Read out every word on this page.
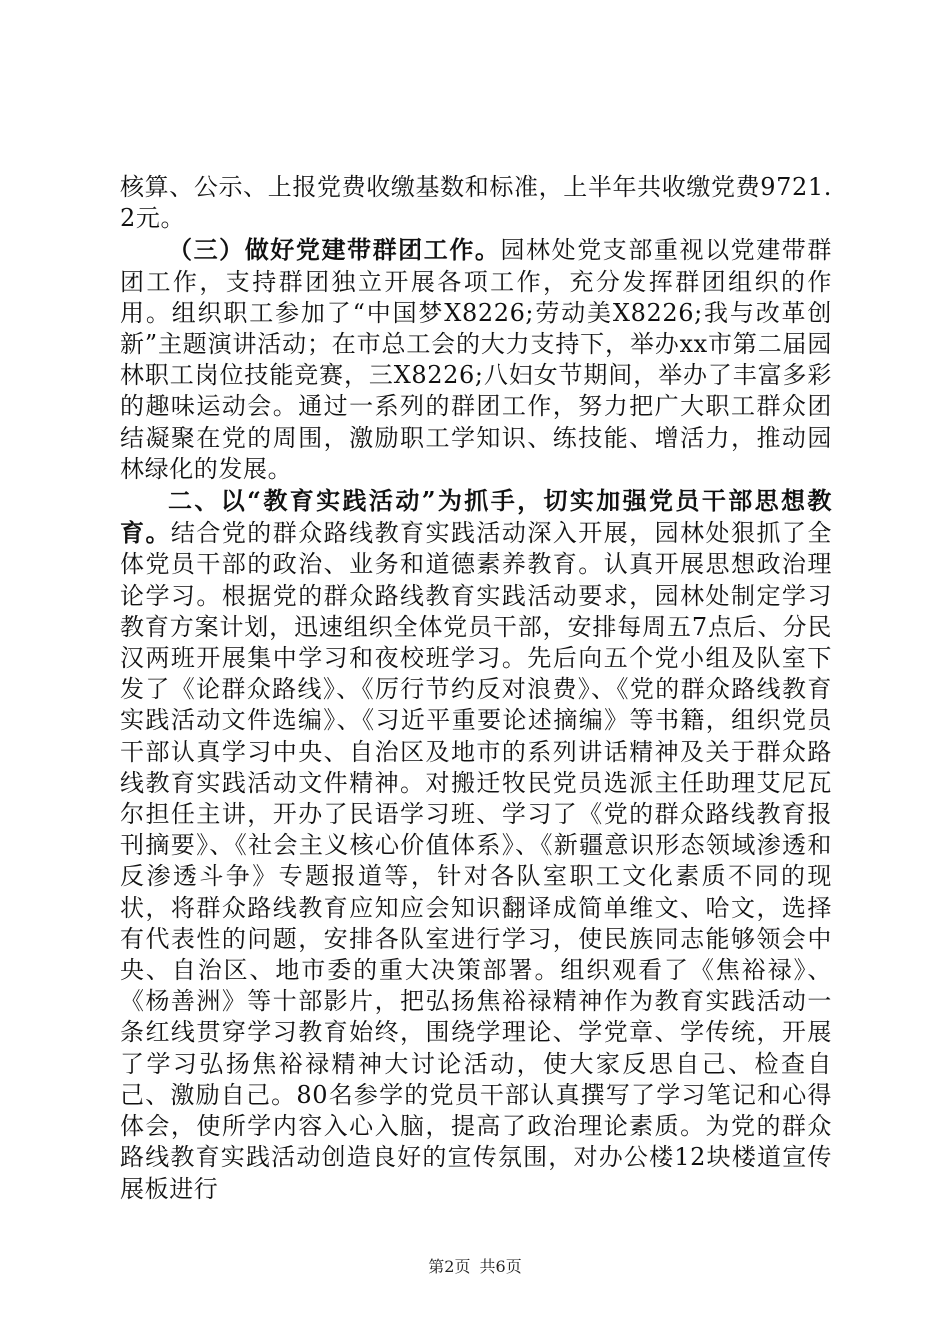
核算、公示、上报党费收缴基数和标准，上半年共收缴党费9721.2元。

（三）做好党建带群团工作。园林处党支部重视以党建带群团工作，支持群团独立开展各项工作，充分发挥群团组织的作用。组织职工参加了“中国梦X8226;劳动美X8226;我与改革创新”主题演讲活动；在市总工会的大力支持下，举办xx市第二届园林职工岗位技能竞赛，三X8226;八妇女节期间，举办了丰富多彩的趣味运动会。通过一系列的群团工作，努力把广大职工群众团结凝聚在党的周围，激励职工学知识、练技能、增活力，推动园林绿化的发展。

二、以“教育实践活动”为抓手，切实加强党员干部思想教育。结合党的群众路线教育实践活动深入开展，园林处狠抓了全体党员干部的政治、业务和道德素养教育。认真开展思想政治理论学习。根据党的群众路线教育实践活动要求，园林处制定学习教育方案计划，迅速组织全体党员干部，安排每周五7点后、分民汉两班开展集中学习和夜校班学习。先后向五个党小组及队室下发了《论群众路线》、《厉行节约反对浪费》、《党的群众路线教育实践活动文件选编》、《习近平重要论述摘编》等书籍，组织党员干部认真学习中央、自治区及地市的系列讲话精神及关于群众路线教育实践活动文件精神。对搬迁牧民党员选派主任助理艾尼瓦尔担任主讲，开办了民语学习班、学习了《党的群众路线教育报刊摘要》、《社会主义核心价值体系》、《新疆意识形态领域渗透和反渗透斗争》专题报道等，针对各队室职工文化素质不同的现状，将群众路线教育应知应会知识翻译成简单维文、哈文，选择有代表性的问题，安排各队室进行学习，使民族同志能够领会中央、自治区、地市委的重大决策部署。组织观看了《焦裕禄》、《杨善洲》等十部影片，把弘扬焦裕禄精神作为教育实践活动一条红线贯穿学习教育始终，围绕学理论、学党章、学传统，开展了学习弘扬焦裕禄精神大讨论活动，使大家反思自己、检查自己、激励自己。80名参学的党员干部认真撰写了学习笔记和心得体会，使所学内容入心入脑，提高了政治理论素质。为党的群众路线教育实践活动创造良好的宣传氛围，对办公楼12块楼道宣传展板进行

第2页 共6页
